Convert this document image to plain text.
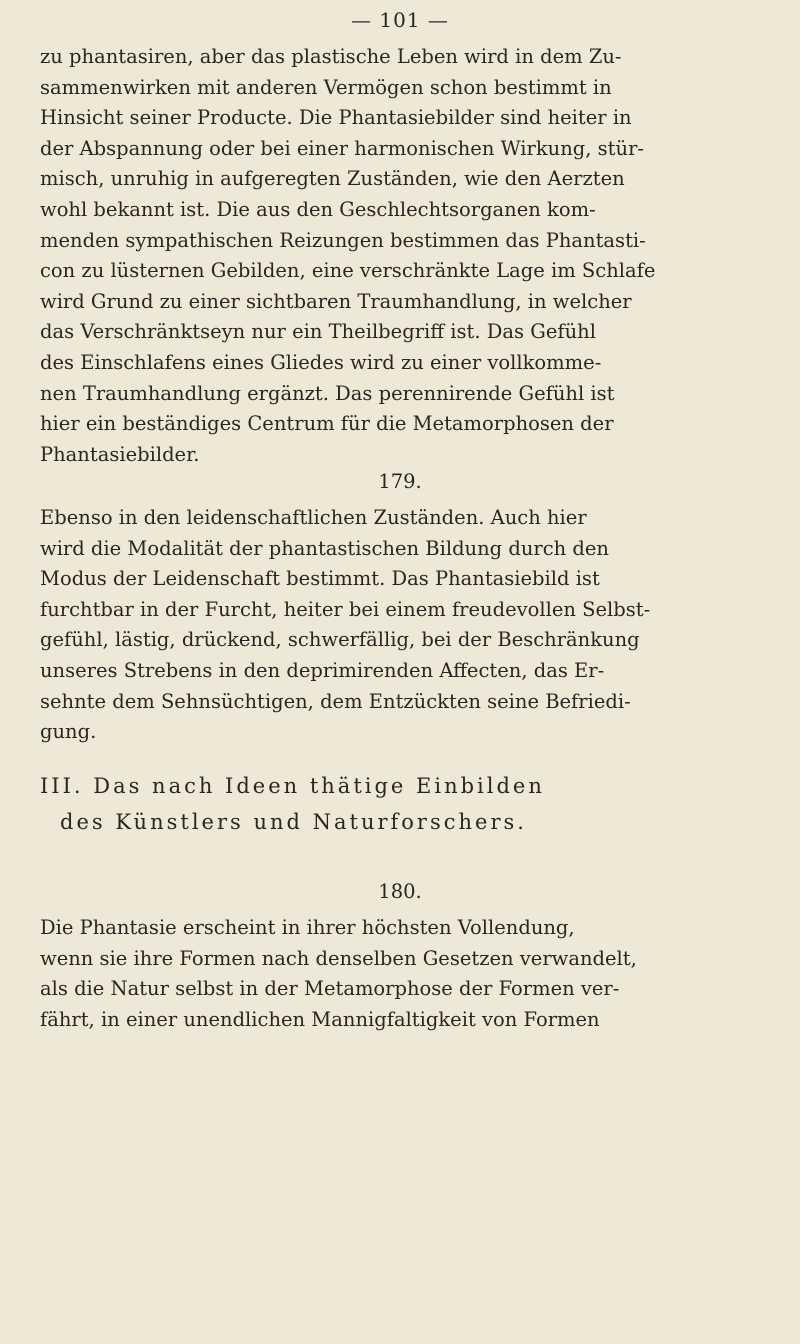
— 101 —
zu phantasiren, aber das plastische Leben wird in dem Zu-
sammenwirken mit anderen Vermögen schon bestimmt in
Hinsicht seiner Producte. Die Phantasiebilder sind heiter in
der Abspannung oder bei einer harmonischen Wirkung, stür-
misch, unruhig in aufgeregten Zuständen, wie den Aerzten
wohl bekannt ist. Die aus den Geschlechtsorganen kom-
menden sympathischen Reizungen bestimmen das Phantasti-
con zu lüsternen Gebilden, eine verschränkte Lage im Schlafe
wird Grund zu einer sichtbaren Traumhandlung, in welcher
das Verschränktseyn nur ein Theilbegriff ist. Das Gefühl
des Einschlafens eines Gliedes wird zu einer vollkomme-
nen Traumhandlung ergänzt. Das perennirende Gefühl ist
hier ein beständiges Centrum für die Metamorphosen der
Phantasiebilder.
179.
Ebenso in den leidenschaftlichen Zuständen. Auch hier
wird die Modalität der phantastischen Bildung durch den
Modus der Leidenschaft bestimmt. Das Phantasiebild ist
furchtbar in der Furcht, heiter bei einem freudevollen Selbst-
gefühl, lästig, drückend, schwerfällig, bei der Beschränkung
unseres Strebens in den deprimirenden Affecten, das Er-
sehnte dem Sehnsüchtigen, dem Entzückten seine Befriedi-
gung.
III. Das nach Ideen thätige Einbilden
des Künstlers und Naturforschers.
180.
Die Phantasie erscheint in ihrer höchsten Vollendung,
wenn sie ihre Formen nach denselben Gesetzen verwandelt,
als die Natur selbst in der Metamorphose der Formen ver-
fährt, in einer unendlichen Mannigfaltigkeit von Formen
